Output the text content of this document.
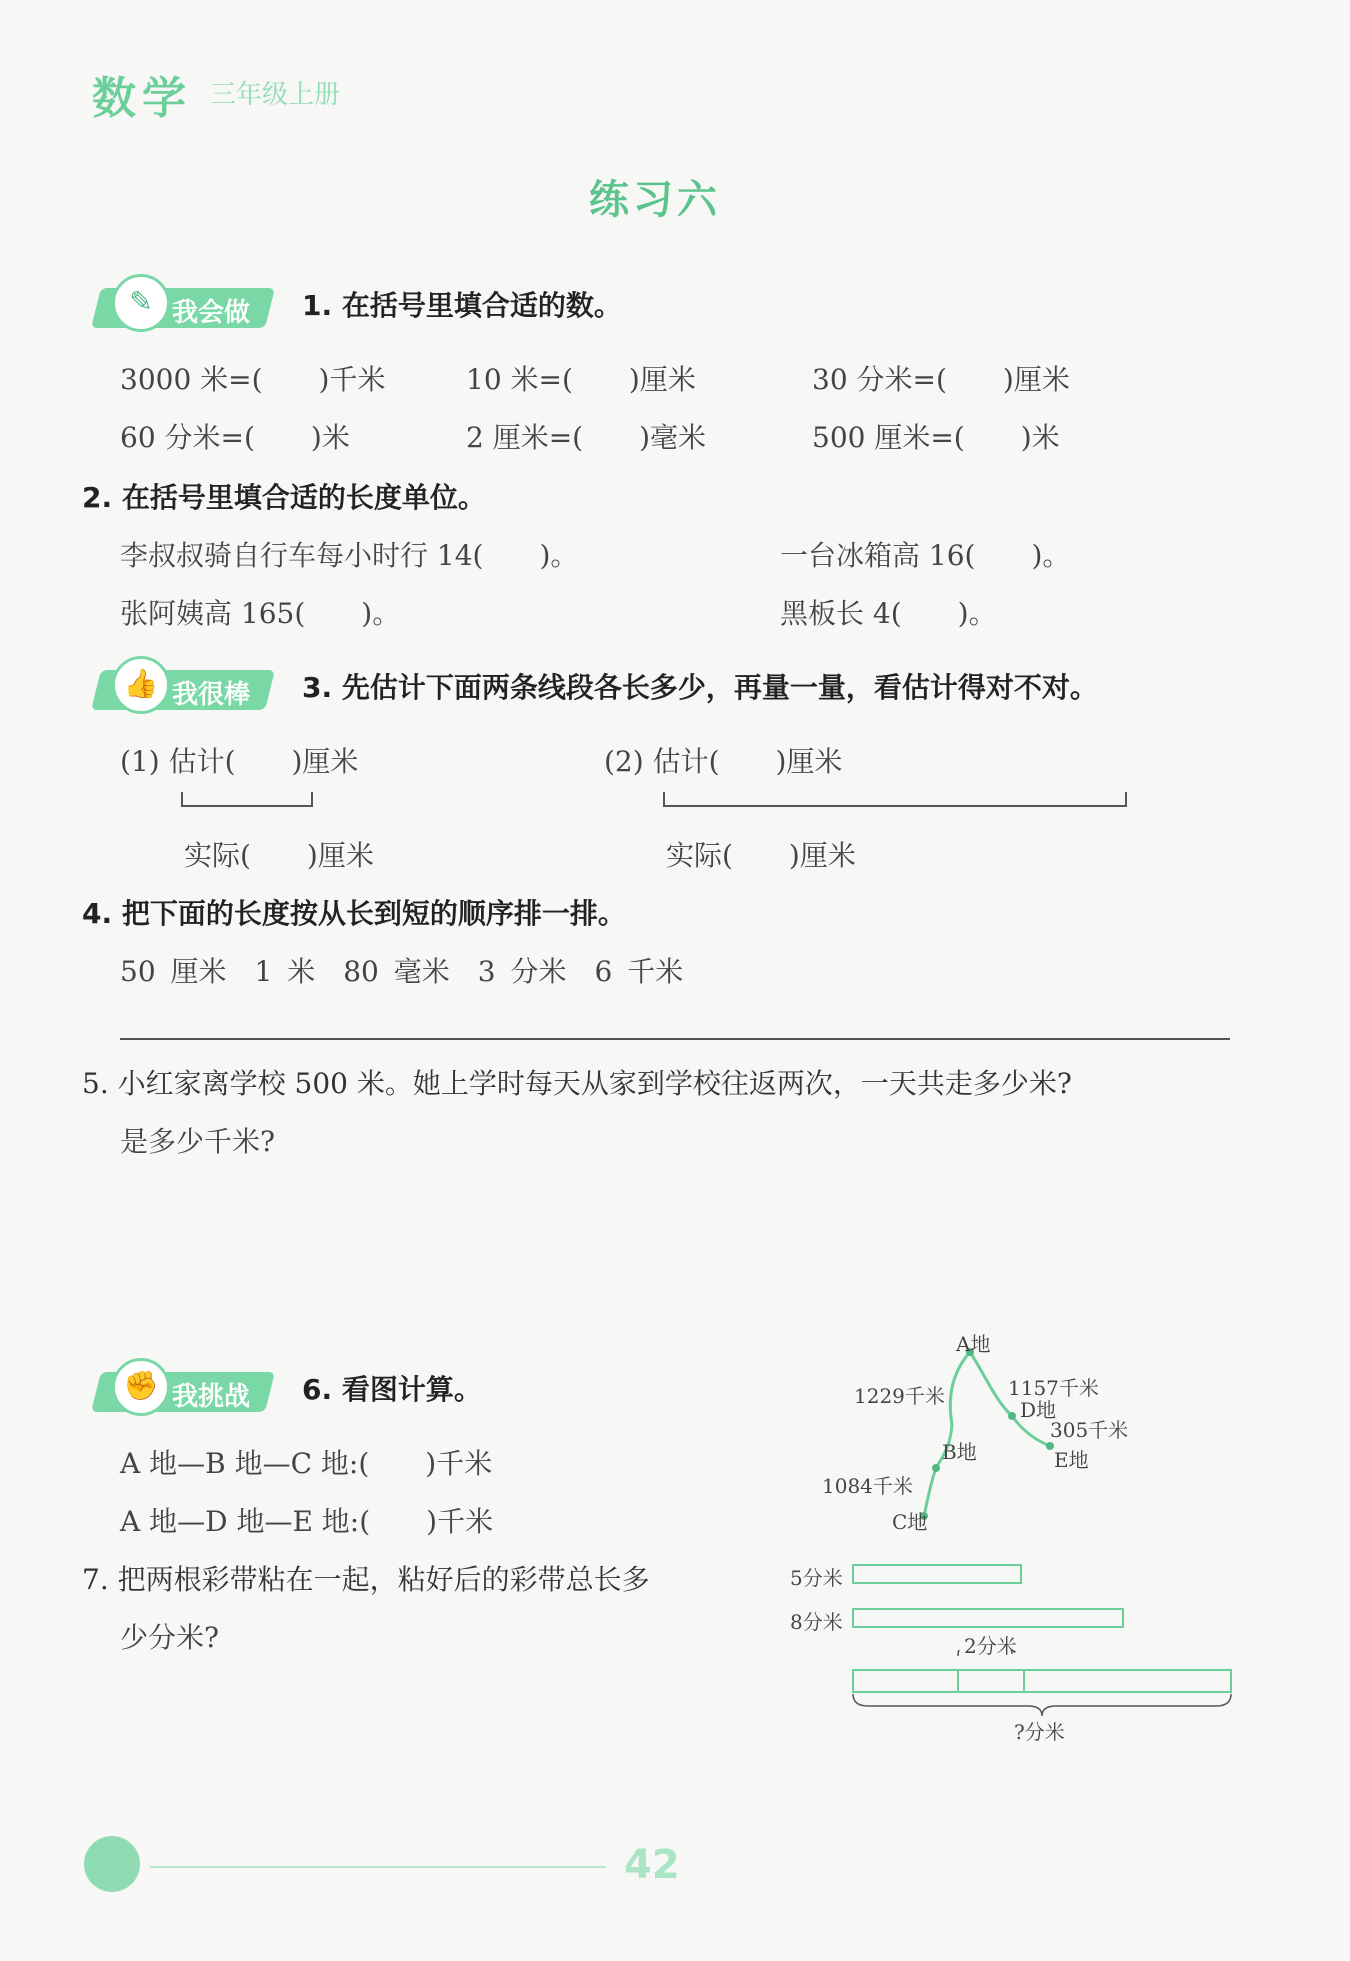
数学 三年级上册
练习六
✎ 我会做 1. 在括号里填合适的数。
3000 米=(　　)千米	10 米=(　　)厘米	30 分米=(　　)厘米
60 分米=(　　)米	2 厘米=(　　)毫米	500 厘米=(　　)米
2. 在括号里填合适的长度单位。
李叔叔骑自行车每小时行 14(　　)。	一台冰箱高 16(　　)。
张阿姨高 165(　　)。	黑板长 4(　　)。
👍 我很棒 3. 先估计下面两条线段各长多少，再量一量，看估计得对不对。
(1) 估计(　　)厘米	(2) 估计(　　)厘米
实际(　　)厘米	实际(　　)厘米
4. 把下面的长度按从长到短的顺序排一排。
50 厘米　1 米　80 毫米　3 分米　6 千米
5. 小红家离学校 500 米。她上学时每天从家到学校往返两次，一天共走多少米?
是多少千米?
✊ 我挑战 6. 看图计算。
A 地—B 地—C 地:(　　)千米
A 地—D 地—E 地:(　　)千米
A地
1229千米	1157千米
D地
305千米
B地	E地
1084千米
C地
7. 把两根彩带粘在一起，粘好后的彩带总长多
少分米?
5分米
8分米
2分米
?分米
42
